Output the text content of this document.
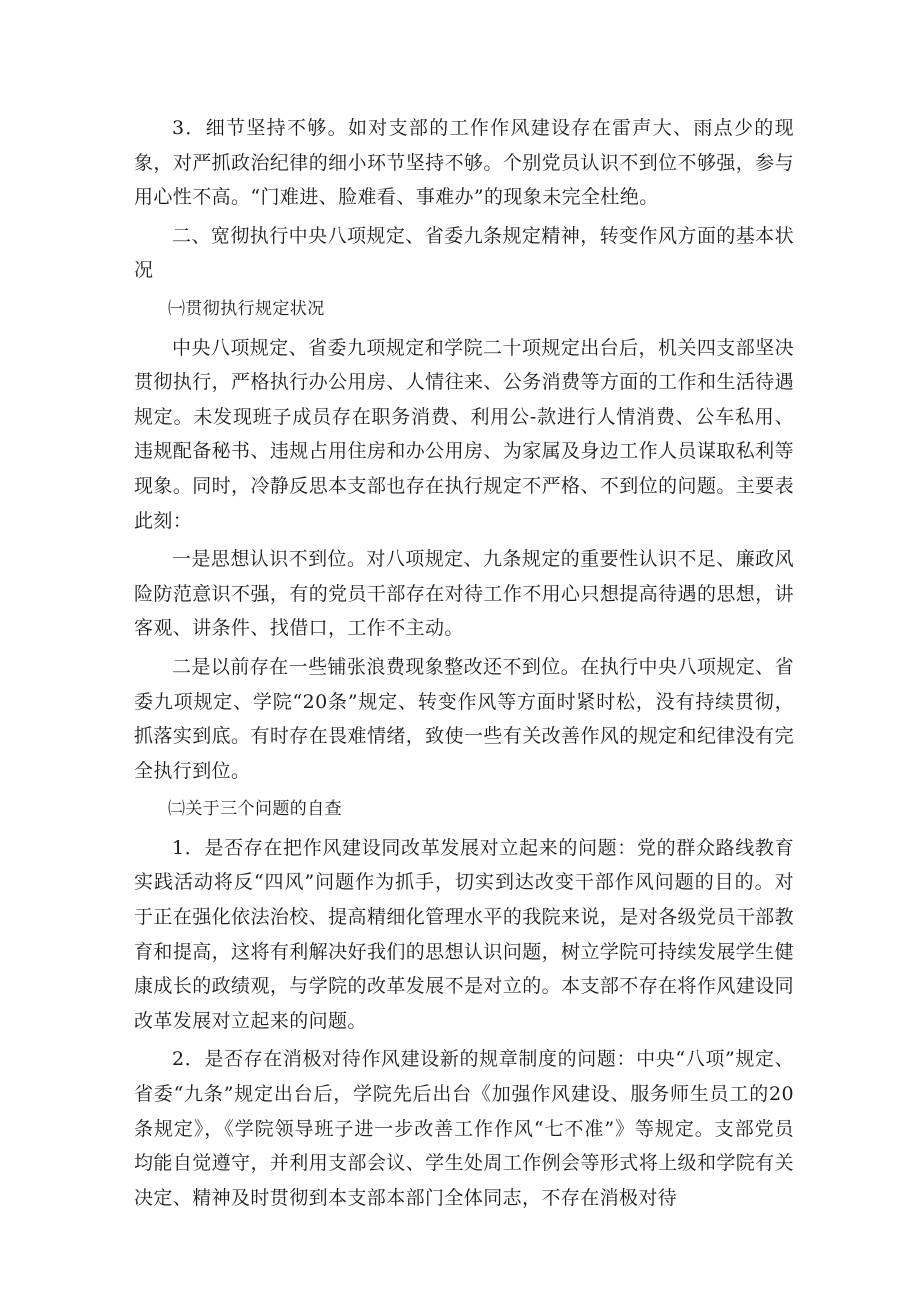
3．细节坚持不够。如对支部的工作作风建设存在雷声大、雨点少的现象，对严抓政治纪律的细小环节坚持不够。个别党员认识不到位不够强，参与用心性不高。“门难进、脸难看、事难办”的现象未完全杜绝。

二、宽彻执行中央八项规定、省委九条规定精神，转变作风方面的基本状况

㈠贯彻执行规定状况

中央八项规定、省委九项规定和学院二十项规定出台后，机关四支部坚决贯彻执行，严格执行办公用房、人情往来、公务消费等方面的工作和生活待遇规定。未发现班子成员存在职务消费、利用公-款进行人情消费、公车私用、违规配备秘书、违规占用住房和办公用房、为家属及身边工作人员谋取私利等现象。同时，冷静反思本支部也存在执行规定不严格、不到位的问题。主要表此刻：

一是思想认识不到位。对八项规定、九条规定的重要性认识不足、廉政风险防范意识不强，有的党员干部存在对待工作不用心只想提高待遇的思想，讲客观、讲条件、找借口，工作不主动。

二是以前存在一些铺张浪费现象整改还不到位。在执行中央八项规定、省委九项规定、学院“20条”规定、转变作风等方面时紧时松，没有持续贯彻，抓落实到底。有时存在畏难情绪，致使一些有关改善作风的规定和纪律没有完全执行到位。

㈡关于三个问题的自查

1．是否存在把作风建设同改革发展对立起来的问题：党的群众路线教育实践活动将反“四风”问题作为抓手，切实到达改变干部作风问题的目的。对于正在强化依法治校、提高精细化管理水平的我院来说，是对各级党员干部教育和提高，这将有利解决好我们的思想认识问题，树立学院可持续发展学生健康成长的政绩观，与学院的改革发展不是对立的。本支部不存在将作风建设同改革发展对立起来的问题。

2．是否存在消极对待作风建设新的规章制度的问题：中央“八项”规定、省委“九条”规定出台后，学院先后出台《加强作风建设、服务师生员工的20条规定》，《学院领导班子进一步改善工作作风“七不准”》等规定。支部党员均能自觉遵守，并利用支部会议、学生处周工作例会等形式将上级和学院有关决定、精神及时贯彻到本支部本部门全体同志，不存在消极对待
